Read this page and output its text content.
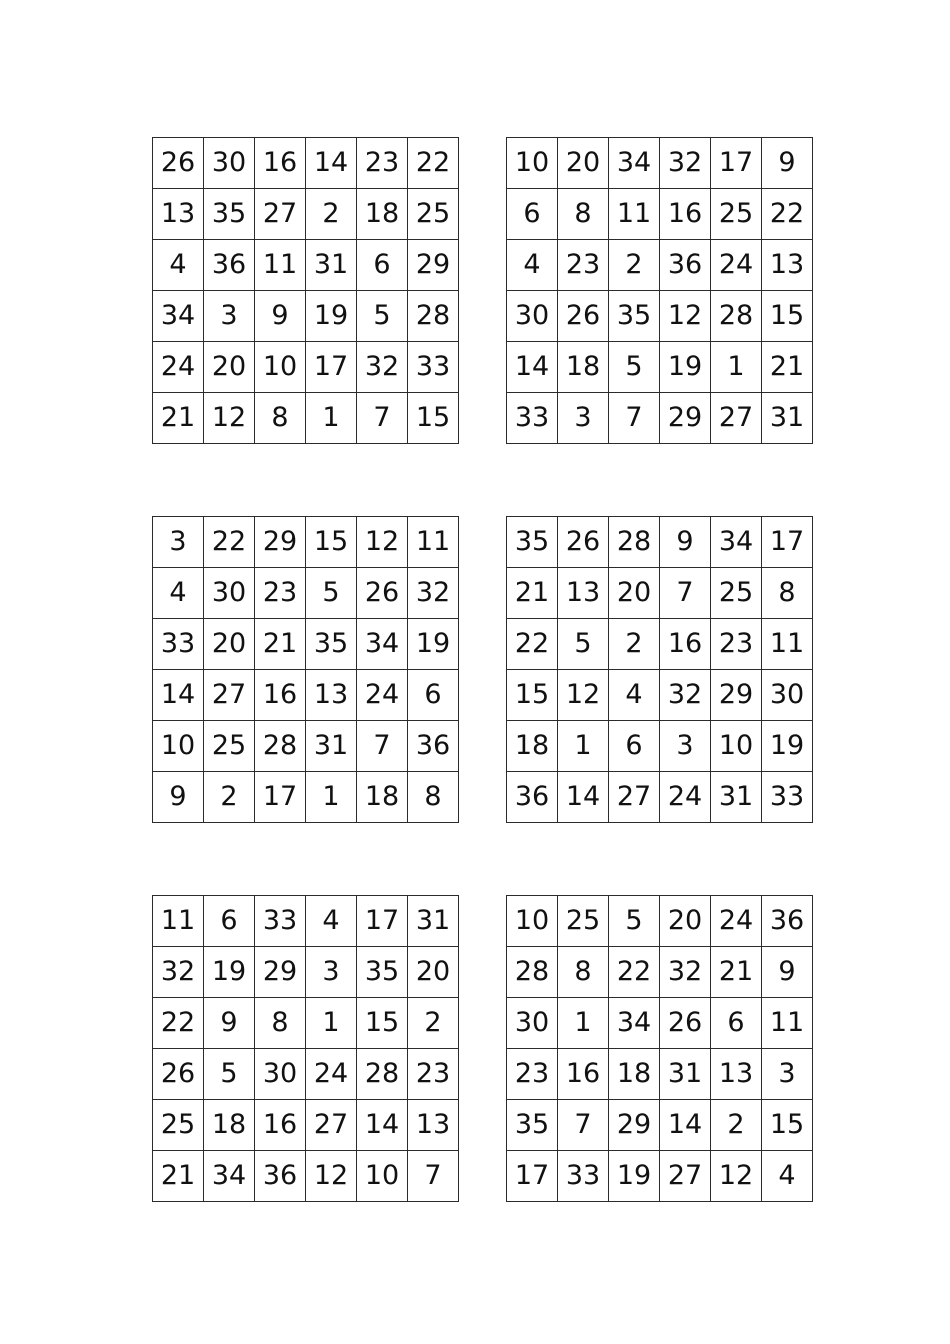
26	30	16	14	23	22
13	35	27	2	18	25
4	36	11	31	6	29
34	3	9	19	5	28
24	20	10	17	32	33
21	12	8	1	7	15
10	20	34	32	17	9
6	8	11	16	25	22
4	23	2	36	24	13
30	26	35	12	28	15
14	18	5	19	1	21
33	3	7	29	27	31
3	22	29	15	12	11
4	30	23	5	26	32
33	20	21	35	34	19
14	27	16	13	24	6
10	25	28	31	7	36
9	2	17	1	18	8
35	26	28	9	34	17
21	13	20	7	25	8
22	5	2	16	23	11
15	12	4	32	29	30
18	1	6	3	10	19
36	14	27	24	31	33
11	6	33	4	17	31
32	19	29	3	35	20
22	9	8	1	15	2
26	5	30	24	28	23
25	18	16	27	14	13
21	34	36	12	10	7
10	25	5	20	24	36
28	8	22	32	21	9
30	1	34	26	6	11
23	16	18	31	13	3
35	7	29	14	2	15
17	33	19	27	12	4
